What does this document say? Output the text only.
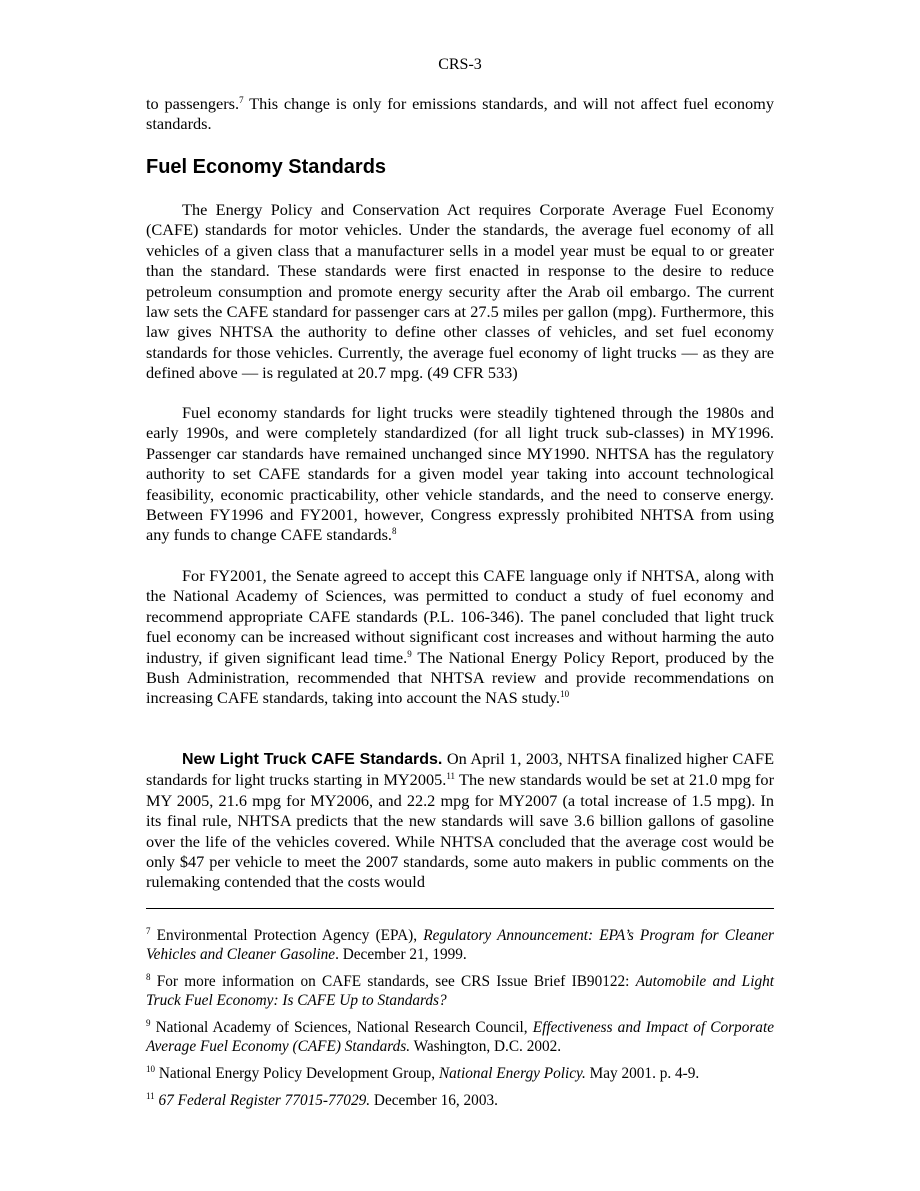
CRS-3

to passengers.$^7$ This change is only for emissions standards, and will not affect fuel economy standards.

Fuel Economy Standards

The Energy Policy and Conservation Act requires Corporate Average Fuel Economy (CAFE) standards for motor vehicles. Under the standards, the average fuel economy of all vehicles of a given class that a manufacturer sells in a model year must be equal to or greater than the standard. These standards were first enacted in response to the desire to reduce petroleum consumption and promote energy security after the Arab oil embargo. The current law sets the CAFE standard for passenger cars at 27.5 miles per gallon (mpg). Furthermore, this law gives NHTSA the authority to define other classes of vehicles, and set fuel economy standards for those vehicles. Currently, the average fuel economy of light trucks — as they are defined above — is regulated at 20.7 mpg. (49 CFR 533)

Fuel economy standards for light trucks were steadily tightened through the 1980s and early 1990s, and were completely standardized (for all light truck sub-classes) in MY1996. Passenger car standards have remained unchanged since MY1990. NHTSA has the regulatory authority to set CAFE standards for a given model year taking into account technological feasibility, economic practicability, other vehicle standards, and the need to conserve energy. Between FY1996 and FY2001, however, Congress expressly prohibited NHTSA from using any funds to change CAFE standards.$^8$

For FY2001, the Senate agreed to accept this CAFE language only if NHTSA, along with the National Academy of Sciences, was permitted to conduct a study of fuel economy and recommend appropriate CAFE standards (P.L. 106-346). The panel concluded that light truck fuel economy can be increased without significant cost increases and without harming the auto industry, if given significant lead time.$^9$ The National Energy Policy Report, produced by the Bush Administration, recommended that NHTSA review and provide recommendations on increasing CAFE standards, taking into account the NAS study.$^{10}$

New Light Truck CAFE Standards. On April 1, 2003, NHTSA finalized higher CAFE standards for light trucks starting in MY2005.11 The new standards would be set at 21.0 mpg for MY 2005, 21.6 mpg for MY2006, and 22.2 mpg for MY2007 (a total increase of 1.5 mpg). In its final rule, NHTSA predicts that the new standards will save 3.6 billion gallons of gasoline over the life of the vehicles covered. While NHTSA concluded that the average cost would be only $47 per vehicle to meet the 2007 standards, some auto makers in public comments on the rulemaking contended that the costs would

$^7$ Environmental Protection Agency (EPA), Regulatory Announcement: EPA’s Program for Cleaner Vehicles and Cleaner Gasoline. December 21, 1999.

$^8$ For more information on CAFE standards, see CRS Issue Brief IB90122: Automobile and Light Truck Fuel Economy: Is CAFE Up to Standards?

$^9$ National Academy of Sciences, National Research Council, Effectiveness and Impact of Corporate Average Fuel Economy (CAFE) Standards. Washington, D.C. 2002.

$^{10}$ National Energy Policy Development Group, National Energy Policy. May 2001. p. 4-9.

$^{11}$ 67 Federal Register 77015-77029. December 16, 2003.
